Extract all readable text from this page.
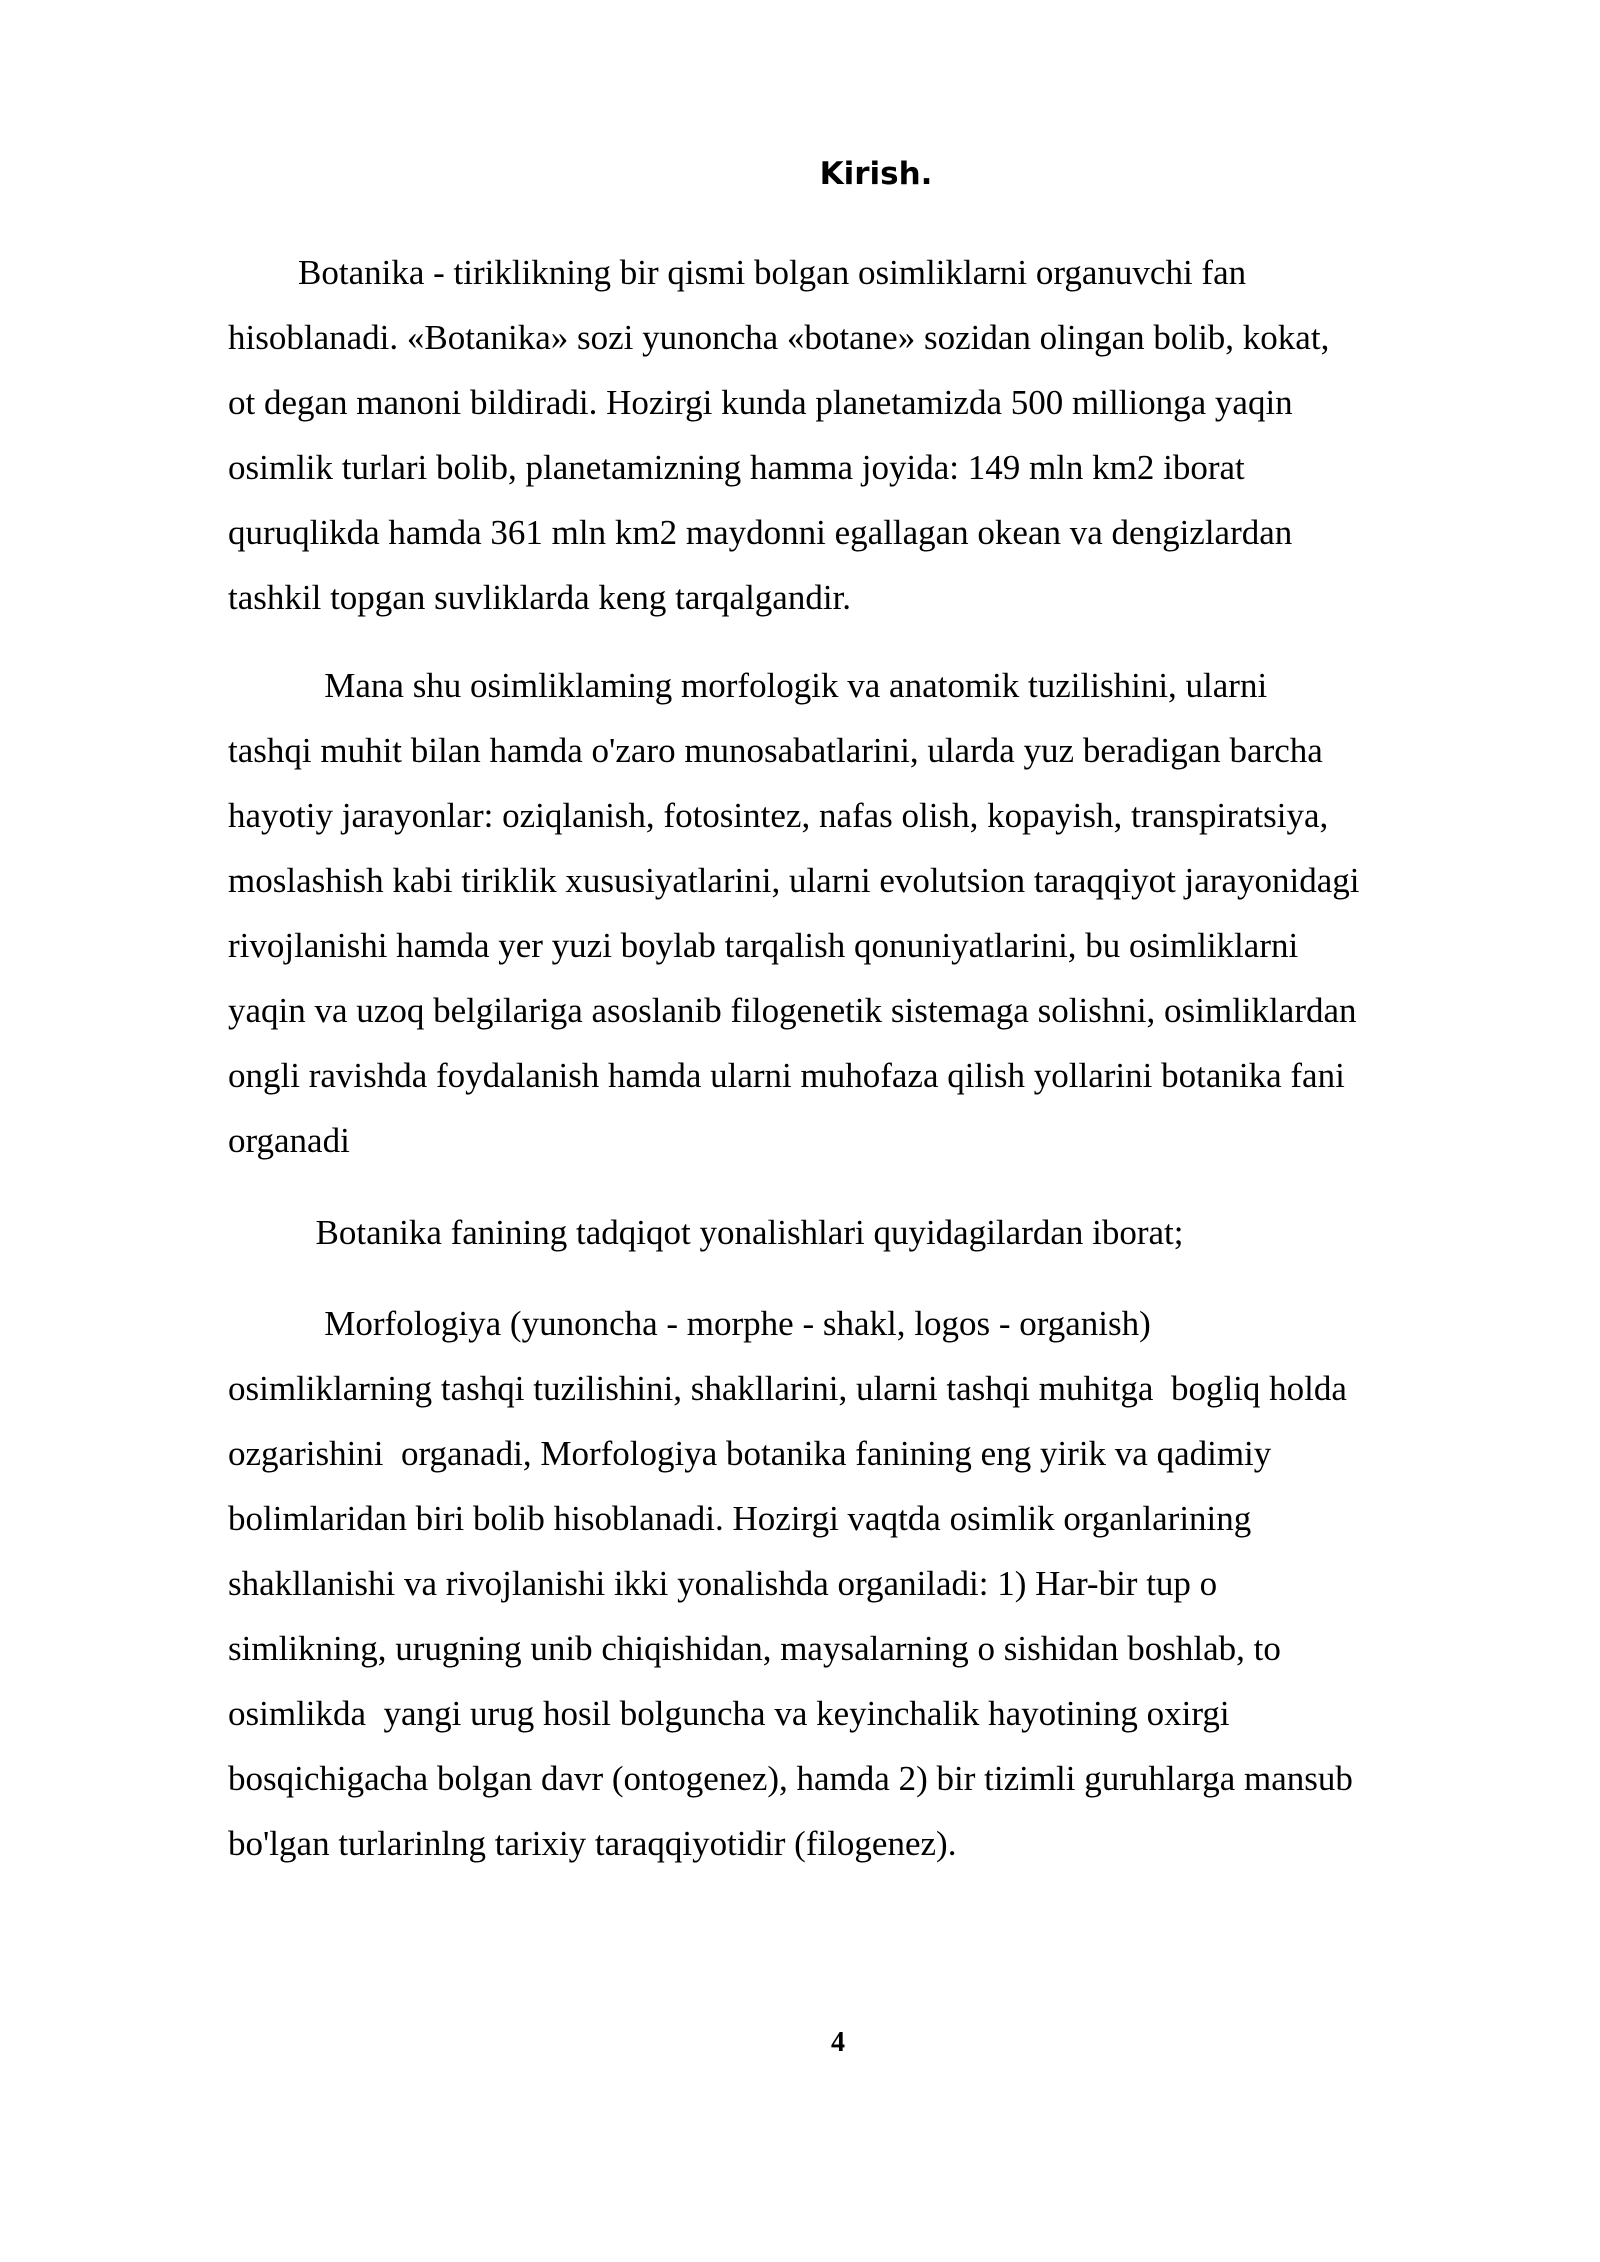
Kirish.

Botanika - tiriklikning bir qismi bolgan osimliklarni organuvchi fan
hisoblanadi. «Botanika» sozi yunoncha «botane» sozidan olingan bolib, kokat,
ot degan manoni bildiradi. Hozirgi kunda planetamizda 500 millionga yaqin
osimlik turlari bolib, planetamizning hamma joyida: 149 mln km2 iborat
quruqlikda hamda 361 mln km2 maydonni egallagan okean va dengizlardan
tashkil topgan suvliklarda keng tarqalgandir.

Mana shu osimliklaming morfologik va anatomik tuzilishini, ularni
tashqi muhit bilan hamda o'zaro munosabatlarini, ularda yuz beradigan barcha
hayotiy jarayonlar: oziqlanish, fotosintez, nafas olish, kopayish, transpiratsiya,
moslashish kabi tiriklik xususiyatlarini, ularni evolutsion taraqqiyot jarayonidagi
rivojlanishi hamda yer yuzi boylab tarqalish qonuniyatlarini, bu osimliklarni
yaqin va uzoq belgilariga asoslanib filogenetik sistemaga solishni, osimliklardan
ongli ravishda foydalanish hamda ularni muhofaza qilish yollarini botanika fani
organadi

Botanika fanining tadqiqot yonalishlari quyidagilardan iborat;

Morfologiya (yunoncha - morphe - shakl, logos - organish)
osimliklarning tashqi tuzilishini, shakllarini, ularni tashqi muhitga  bogliq holda
ozgarishini  organadi, Morfologiya botanika fanining eng yirik va qadimiy
bolimlaridan biri bolib hisoblanadi. Hozirgi vaqtda osimlik organlarining
shakllanishi va rivojlanishi ikki yonalishda organiladi: 1) Har-bir tup o
simlikning, urugning unib chiqishidan, maysalarning o sishidan boshlab, to
osimlikda  yangi urug hosil bolguncha va keyinchalik hayotining oxirgi
bosqichigacha bolgan davr (ontogenez), hamda 2) bir tizimli guruhlarga mansub
bo'lgan turlarinlng tarixiy taraqqiyotidir (filogenez).

4
